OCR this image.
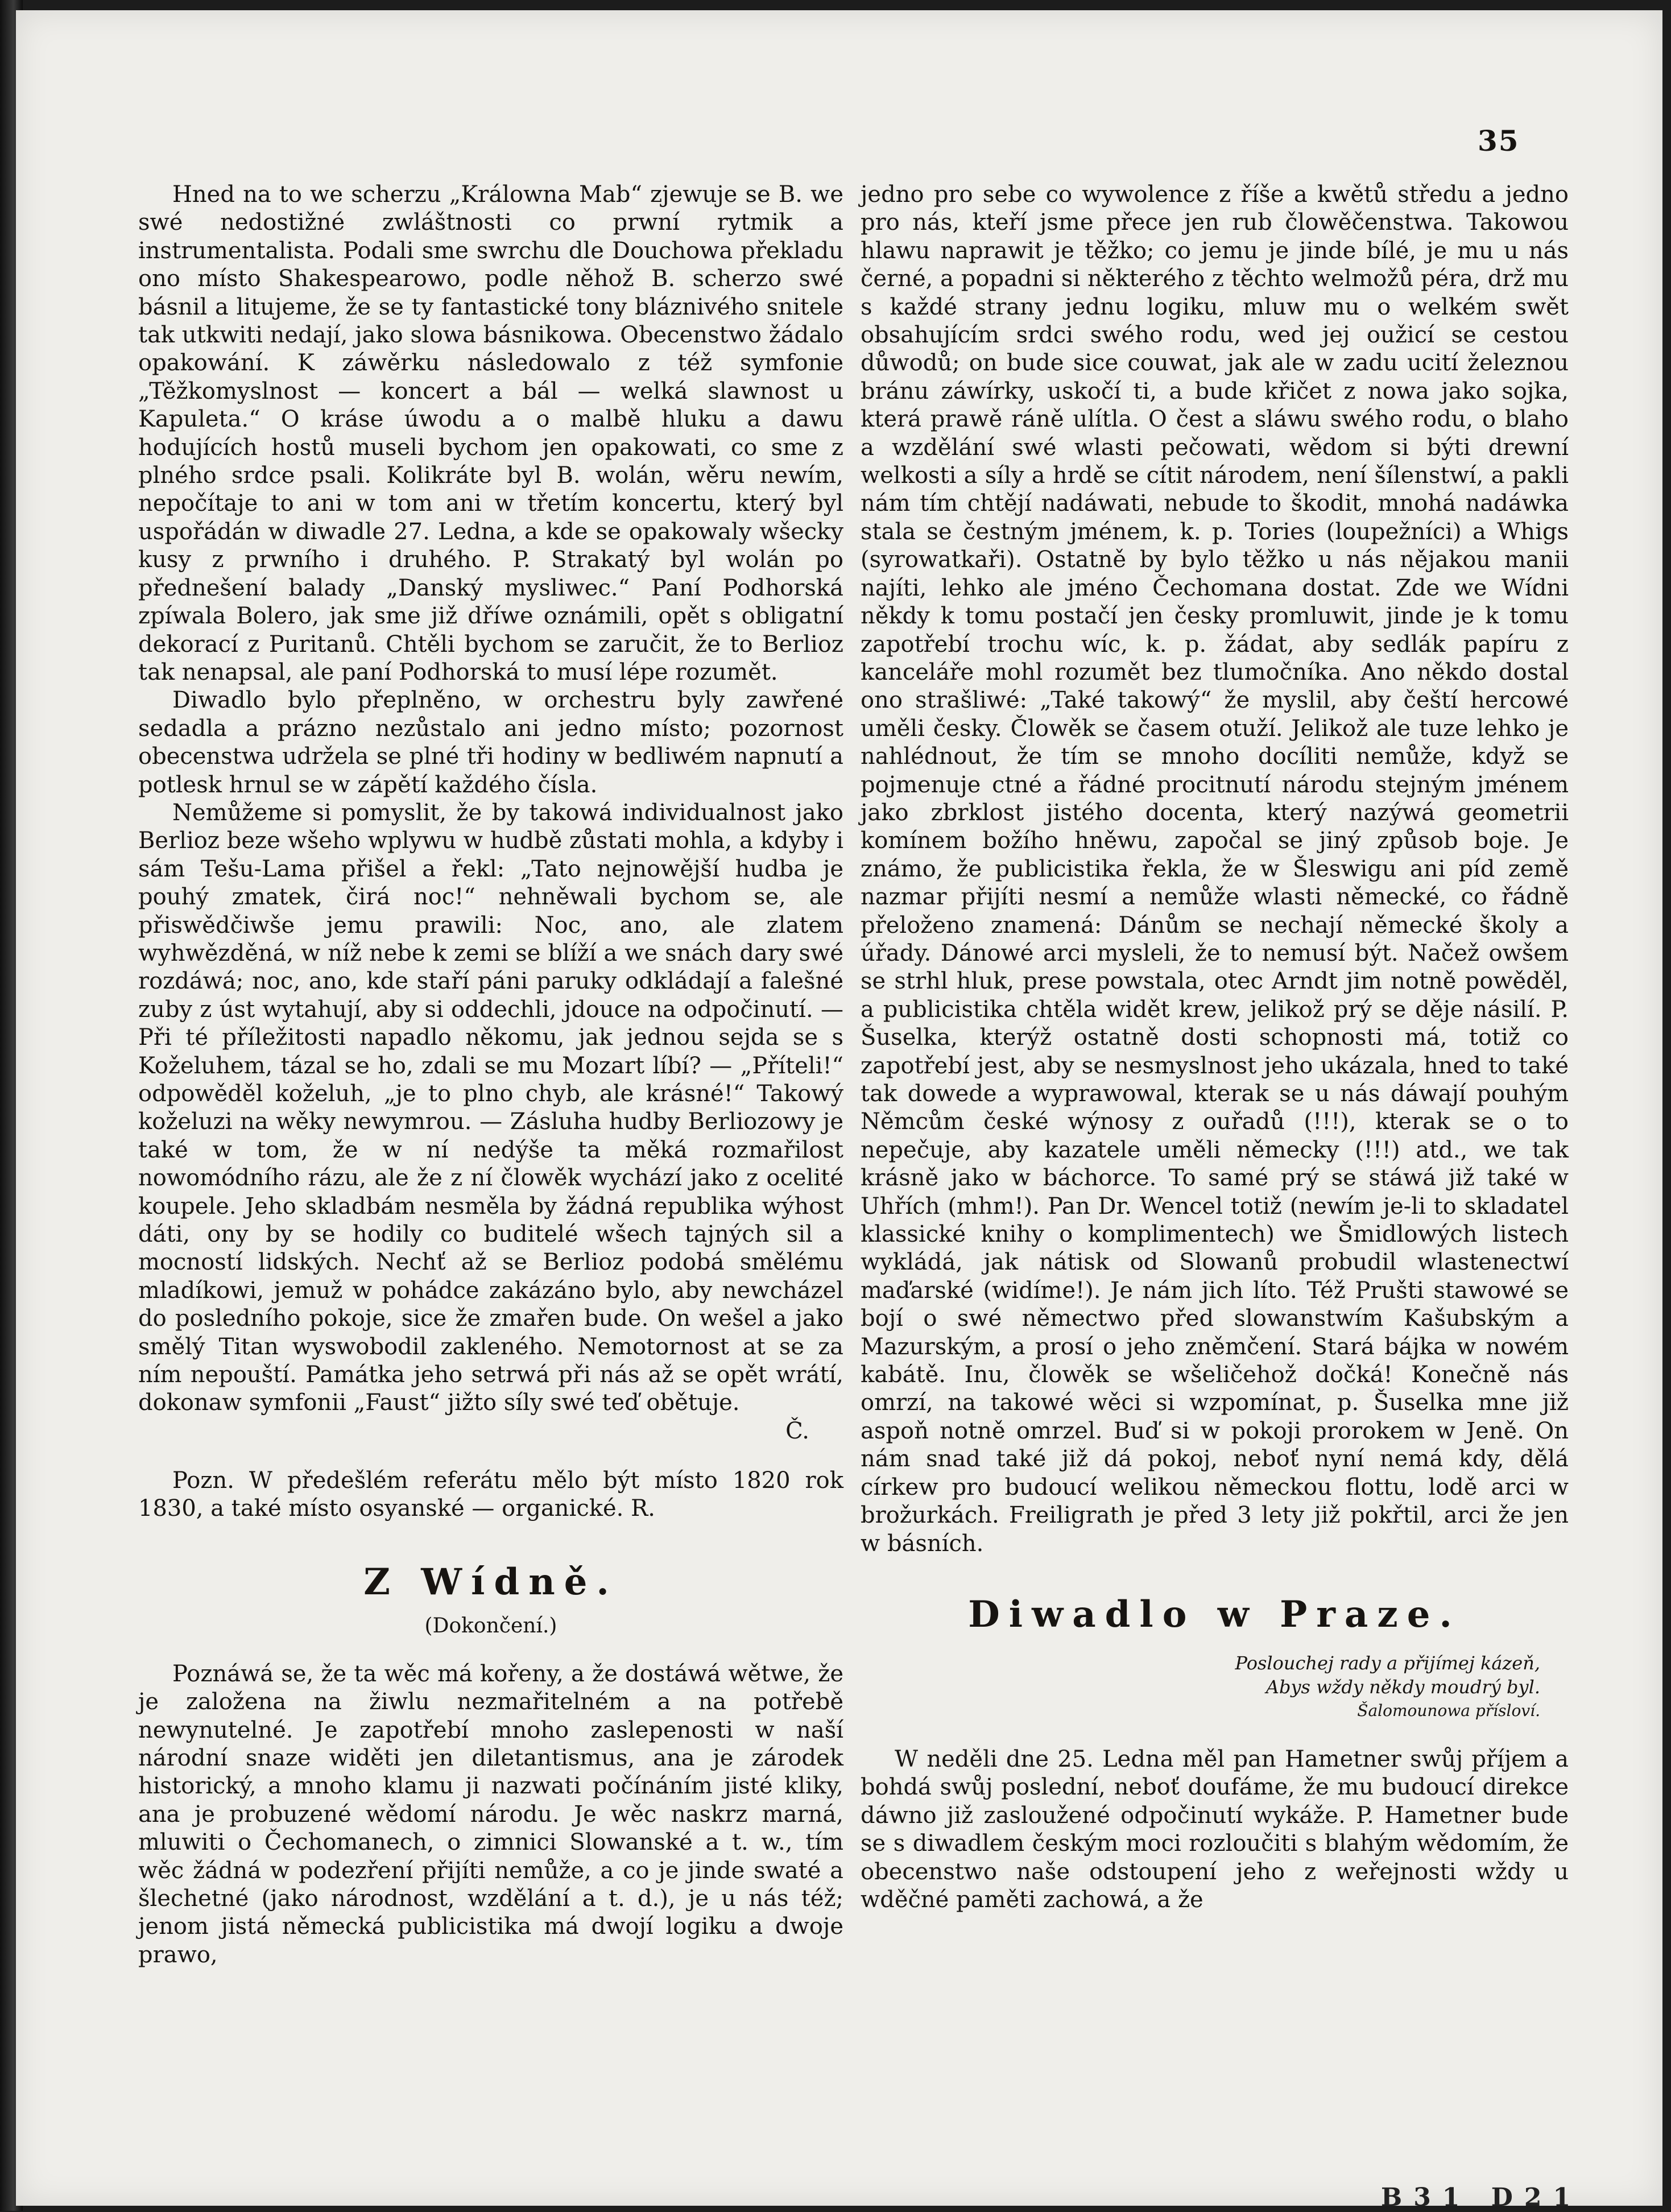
35

Hned na to we scherzu „Králowna Mab“ zjewuje se B. we swé nedostižné zwláštnosti co prwní rytmik a instrumentalista. Podali sme swrchu dle Douchowa překladu ono místo Shakespearowo, podle něhož B. scherzo swé básnil a litujeme, že se ty fantastické tony bláznivého snitele tak utkwiti nedají, jako slowa básnikowa. Obecenstwo žádalo opakowání. K záwěrku následowalo z též symfonie „Těžkomyslnost — koncert a bál — welká slawnost u Kapuleta.“ O kráse úwodu a o malbě hluku a dawu hodujících hostů museli bychom jen opakowati, co sme z plného srdce psali. Kolikráte byl B. wolán, wěru newím, nepočítaje to ani w tom ani w třetím koncertu, který byl uspořádán w diwadle 27. Ledna, a kde se opakowaly wšecky kusy z prwního i druhého. P. Strakatý byl wolán po přednešení balady „Danský mysliwec.“ Paní Podhorská zpíwala Bolero, jak sme již dříwe oznámili, opět s obligatní dekorací z Puritanů. Chtěli bychom se zaručit, že to Berlioz tak nenapsal, ale paní Podhorská to musí lépe rozumět.

Diwadlo bylo přeplněno, w orchestru byly zawřené sedadla a prázno nezůstalo ani jedno místo; pozornost obecenstwa udržela se plné tři hodiny w bedliwém napnutí a potlesk hrnul se w zápětí každého čísla.

Nemůžeme si pomyslit, že by takowá individualnost jako Berlioz beze wšeho wplywu w hudbě zůstati mohla, a kdyby i sám Tešu-Lama přišel a řekl: „Tato nejnowější hudba je pouhý zmatek, čirá noc!“ nehněwali bychom se, ale přiswědčiwše jemu prawili: Noc, ano, ale zlatem wyhwězděná, w níž nebe k zemi se blíží a we snách dary swé rozdáwá; noc, ano, kde staří páni paruky odkládají a falešné zuby z úst wytahují, aby si oddechli, jdouce na odpočinutí. — Při té příležitosti napadlo někomu, jak jednou sejda se s Koželuhem, tázal se ho, zdali se mu Mozart líbí? — „Příteli!“ odpowěděl koželuh, „je to plno chyb, ale krásné!“ Takowý koželuzi na wěky newymrou. — Zásluha hudby Berliozowy je také w tom, že w ní nedýše ta měká rozmařilost nowomódního rázu, ale že z ní člowěk wychází jako z ocelité koupele. Jeho skladbám nesměla by žádná republika wýhost dáti, ony by se hodily co buditelé wšech tajných sil a mocností lidských. Nechť až se Berlioz podobá smělému mladíkowi, jemuž w pohádce zakázáno bylo, aby newcházel do posledního pokoje, sice že zmařen bude. On wešel a jako smělý Titan wyswobodil zakleného. Nemotornost at se za ním nepouští. Památka jeho setrwá při nás až se opět wrátí, dokonaw symfonii „Faust“ jižto síly swé teď obětuje.

Č.

Pozn. W předešlém referátu mělo být místo 1820 rok 1830, a také místo osyanské — organické. R.

Z Wídně.
(Dokončení.)

Poznáwá se, že ta wěc má kořeny, a že dostáwá wětwe, že je založena na žiwlu nezmařitelném a na potřebě newynutelné. Je zapotřebí mnoho zaslepenosti w naší národní snaze widěti jen diletantismus, ana je zárodek historický, a mnoho klamu ji nazwati počínáním jisté kliky, ana je probuzené wědomí národu. Je wěc naskrz marná, mluwiti o Čechomanech, o zimnici Slowanské a t. w., tím wěc žádná w podezření přijíti nemůže, a co je jinde swaté a šlechetné (jako národnost, wzdělání a t. d.), je u nás též; jenom jistá německá publicistika má dwojí logiku a dwoje prawo,

jedno pro sebe co wywolence z říše a kwětů středu a jedno pro nás, kteří jsme přece jen rub člowěčenstwa. Takowou hlawu naprawit je těžko; co jemu je jinde bílé, je mu u nás černé, a popadni si některého z těchto welmožů péra, drž mu s každé strany jednu logiku, mluw mu o welkém swět obsahujícím srdci swého rodu, wed jej oužicí se cestou důwodů; on bude sice couwat, jak ale w zadu ucití železnou bránu záwírky, uskočí ti, a bude křičet z nowa jako sojka, která prawě ráně ulítla. O čest a sláwu swého rodu, o blaho a wzdělání swé wlasti pečowati, wědom si býti drewní welkosti a síly a hrdě se cítit národem, není šílenstwí, a pakli nám tím chtějí nadáwati, nebude to škodit, mnohá nadáwka stala se čestným jménem, k. p. Tories (loupežníci) a Whigs (syrowatkaři). Ostatně by bylo těžko u nás nějakou manii najíti, lehko ale jméno Čechomana dostat. Zde we Wídni někdy k tomu postačí jen česky promluwit, jinde je k tomu zapotřebí trochu wíc, k. p. žádat, aby sedlák papíru z kanceláře mohl rozumět bez tlumočníka. Ano někdo dostal ono strašliwé: „Také takowý“ že myslil, aby čeští hercowé uměli česky. Člowěk se časem otuží. Jelikož ale tuze lehko je nahlédnout, že tím se mnoho docíliti nemůže, když se pojmenuje ctné a řádné procitnutí národu stejným jménem jako zbrklost jistého docenta, který nazýwá geometrii komínem božího hněwu, započal se jiný způsob boje. Je známo, že publicistika řekla, že w Šleswigu ani píd země nazmar přijíti nesmí a nemůže wlasti německé, co řádně přeloženo znamená: Dánům se nechají německé školy a úřady. Dánowé arci mysleli, že to nemusí být. Načež owšem se strhl hluk, prese powstala, otec Arndt jim notně powěděl, a publicistika chtěla widět krew, jelikož prý se děje násilí. P. Šuselka, kterýž ostatně dosti schopnosti má, totiž co zapotřebí jest, aby se nesmyslnost jeho ukázala, hned to také tak dowede a wyprawowal, kterak se u nás dáwají pouhým Němcům české wýnosy z ouřadů (!!!), kterak se o to nepečuje, aby kazatele uměli německy (!!!) atd., we tak krásně jako w báchorce. To samé prý se stáwá již také w Uhřích (mhm!). Pan Dr. Wencel totiž (newím je-li to skladatel klassické knihy o komplimentech) we Šmidlowých listech wykládá, jak nátisk od Slowanů probudil wlastenectwí maďarské (widíme!). Je nám jich líto. Též Prušti stawowé se bojí o swé němectwo před slowanstwím Kašubským a Mazurským, a prosí o jeho zněmčení. Stará bájka w nowém kabátě. Inu, člowěk se wšeličehož dočká! Konečně nás omrzí, na takowé wěci si wzpomínat, p. Šuselka mne již aspoň notně omrzel. Buď si w pokoji prorokem w Jeně. On nám snad také již dá pokoj, neboť nyní nemá kdy, dělá církew pro budoucí welikou německou flottu, lodě arci w brožurkách. Freiligrath je před 3 lety již pokřtil, arci že jen w básních.

Diwadlo w Praze.
Poslouchej rady a přijímej kázeň,
Abys wždy někdy moudrý byl.
Šalomounowa přísloví.

W neděli dne 25. Ledna měl pan Hametner swůj příjem a bohdá swůj poslední, neboť doufáme, že mu budoucí direkce dáwno již zasloužené odpočinutí wykáže. P. Hametner bude se s diwadlem českým moci rozloučiti s blahým wědomím, že obecenstwo naše odstoupení jeho z weřejnosti wždy u wděčné paměti zachowá, a že

B31 D21
